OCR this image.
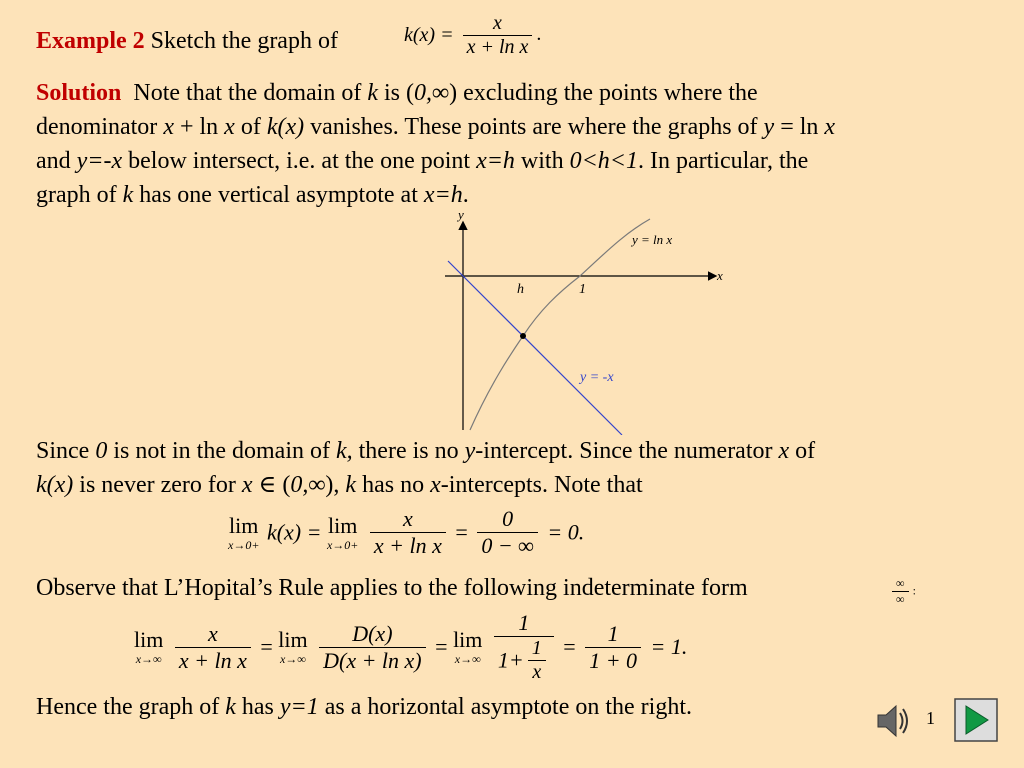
Example 2 Sketch the graph of	$k(x) = \frac{x}{\text{x + ln x}}$ .
Solution Note that the domain of k is (0,∞) excluding the points where the
denominator x + ln x of k(x) vanishes. These points are where the graphs of y = ln x
and y=-x below intersect, i.e. at the one point x=h with 0<h<1. In particular, the
graph of k has one vertical asymptote at x=h.
y
x
h	1
y = ln x
y = -x
Since 0 is not in the domain of k, there is no y-intercept. Since the numerator x of
k(x) is never zero for x ∈ (0,∞), k has no x-intercepts. Note that
lim
x→0+ k(x) = lim
x→0+
$\frac{x}{\text{x + ln x}} = \frac{0}{0 - \infty} = 0$.
Observe that L’Hopital’s Rule applies to the following indeterminate form	$\frac{\infty}{\infty}$ :
lim
x→∞
$\frac{x}{\text{x + ln x}} = \lim$
x→∞
$\frac{D(x)}{\text{D(x + ln x)}} = \lim$
x→∞
$\frac{1}{1+ \frac{1}{x}} = \frac{1}{1 + 0} = 1$.
Hence the graph of k has y=1 as a horizontal asymptote on the right.	1
